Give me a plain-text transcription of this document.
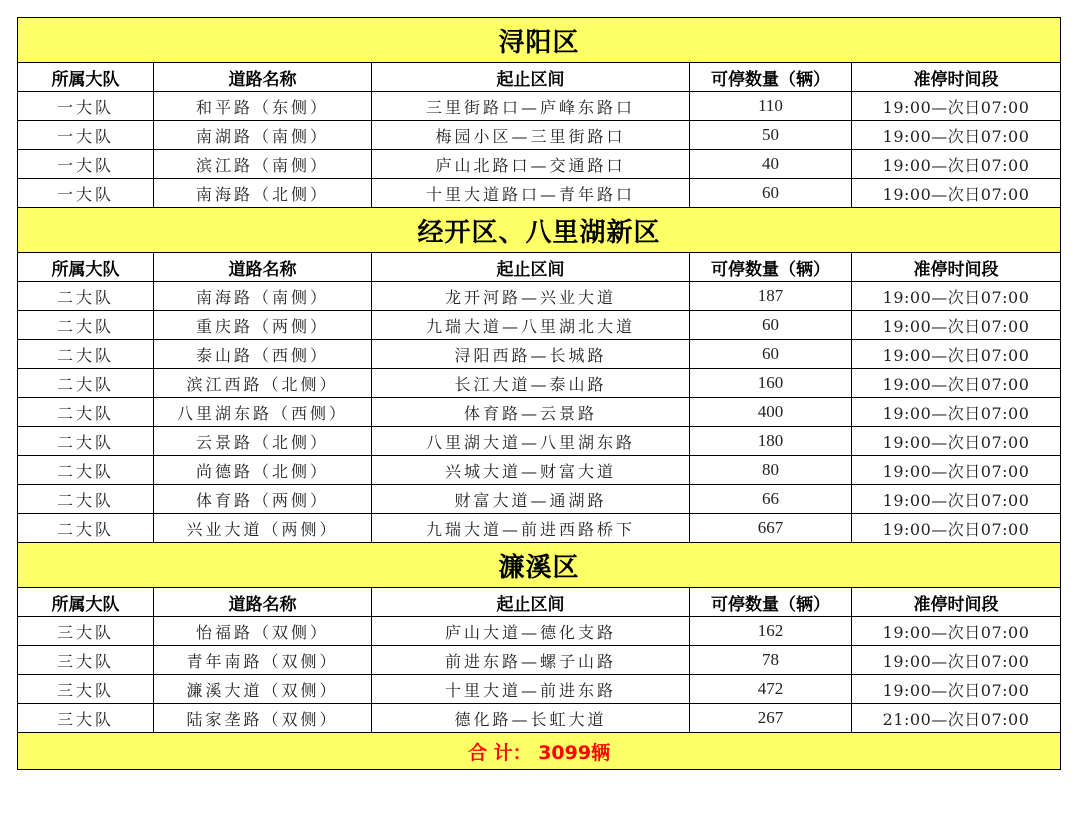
浔阳区				
所属大队	道路名称	起止区间	可停数量（辆）	准停时间段
一大队	和平路（东侧）	三里街路口—庐峰东路口	110	19:00—次日07:00
一大队	南湖路（南侧）	梅园小区—三里街路口	50	19:00—次日07:00
一大队	滨江路（南侧）	庐山北路口—交通路口	40	19:00—次日07:00
一大队	南海路（北侧）	十里大道路口—青年路口	60	19:00—次日07:00
经开区、八里湖新区				
所属大队	道路名称	起止区间	可停数量（辆）	准停时间段
二大队	南海路（南侧）	龙开河路—兴业大道	187	19:00—次日07:00
二大队	重庆路（两侧）	九瑞大道—八里湖北大道	60	19:00—次日07:00
二大队	泰山路（西侧）	浔阳西路—长城路	60	19:00—次日07:00
二大队	滨江西路（北侧）	长江大道—泰山路	160	19:00—次日07:00
二大队	八里湖东路（西侧）	体育路—云景路	400	19:00—次日07:00
二大队	云景路（北侧）	八里湖大道—八里湖东路	180	19:00—次日07:00
二大队	尚德路（北侧）	兴城大道—财富大道	80	19:00—次日07:00
二大队	体育路（两侧）	财富大道—通湖路	66	19:00—次日07:00
二大队	兴业大道（两侧）	九瑞大道—前进西路桥下	667	19:00—次日07:00
濂溪区				
所属大队	道路名称	起止区间	可停数量（辆）	准停时间段
三大队	怡福路（双侧）	庐山大道—德化支路	162	19:00—次日07:00
三大队	青年南路（双侧）	前进东路—螺子山路	78	19:00—次日07:00
三大队	濂溪大道（双侧）	十里大道—前进东路	472	19:00—次日07:00
三大队	陆家垄路（双侧）	德化路—长虹大道	267	21:00—次日07:00
合 计： 3099辆				
